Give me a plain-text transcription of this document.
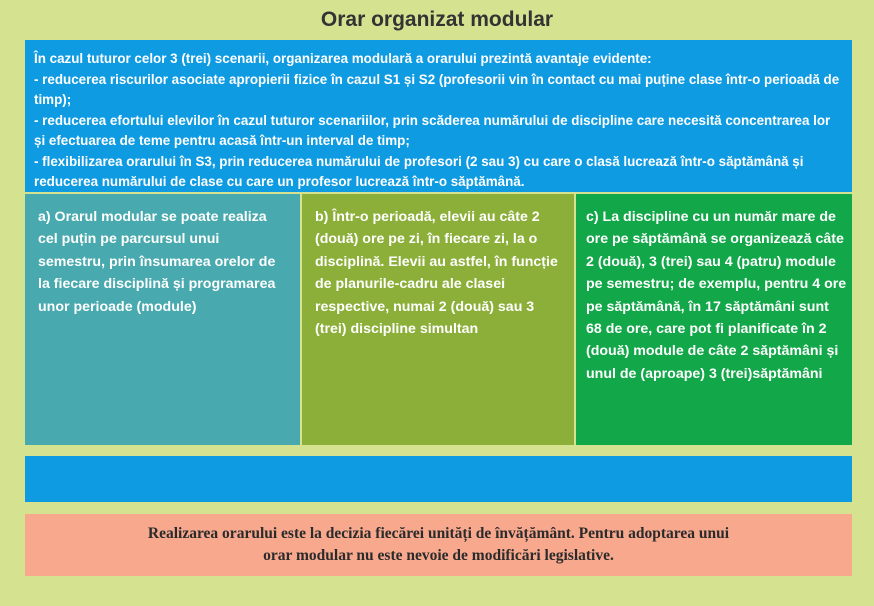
Orar organizat modular
În cazul tuturor celor 3 (trei) scenarii, organizarea modulară a orarului prezintă avantaje evidente:
- reducerea riscurilor asociate apropierii fizice în cazul S1 și S2 (profesorii vin în contact cu mai puține clase într-o perioadă de timp);
- reducerea efortului elevilor în cazul tuturor scenariilor, prin scăderea numărului de discipline care necesită concentrarea lor și efectuarea de teme pentru acasă într-un interval de timp;
- flexibilizarea orarului în S3, prin reducerea numărului de profesori (2 sau 3) cu care o clasă lucrează într-o săptămână și reducerea numărului de clase cu care un profesor lucrează într-o săptămână.
a) Orarul modular se poate realiza cel puțin pe parcursul unui semestru, prin însumarea orelor de la fiecare disciplină și programarea unor perioade (module)
b) Într-o perioadă, elevii au câte 2 (două) ore pe zi, în fiecare zi, la o disciplină. Elevii au astfel, în funcție de planurile-cadru ale clasei respective, numai 2 (două) sau 3 (trei) discipline simultan
c) La discipline cu un număr mare de ore pe săptămână se organizează câte 2 (două), 3 (trei) sau 4 (patru) module pe semestru; de exemplu, pentru 4 ore pe săptămână, în 17 săptămâni sunt 68 de ore, care pot fi planificate în 2 (două) module de câte 2 săptămâni și unul de (aproape) 3 (trei)săptămâni
Realizarea orarului este la decizia fiecărei unități de învățământ. Pentru adoptarea unui
orar modular nu este nevoie de modificări legislative.
